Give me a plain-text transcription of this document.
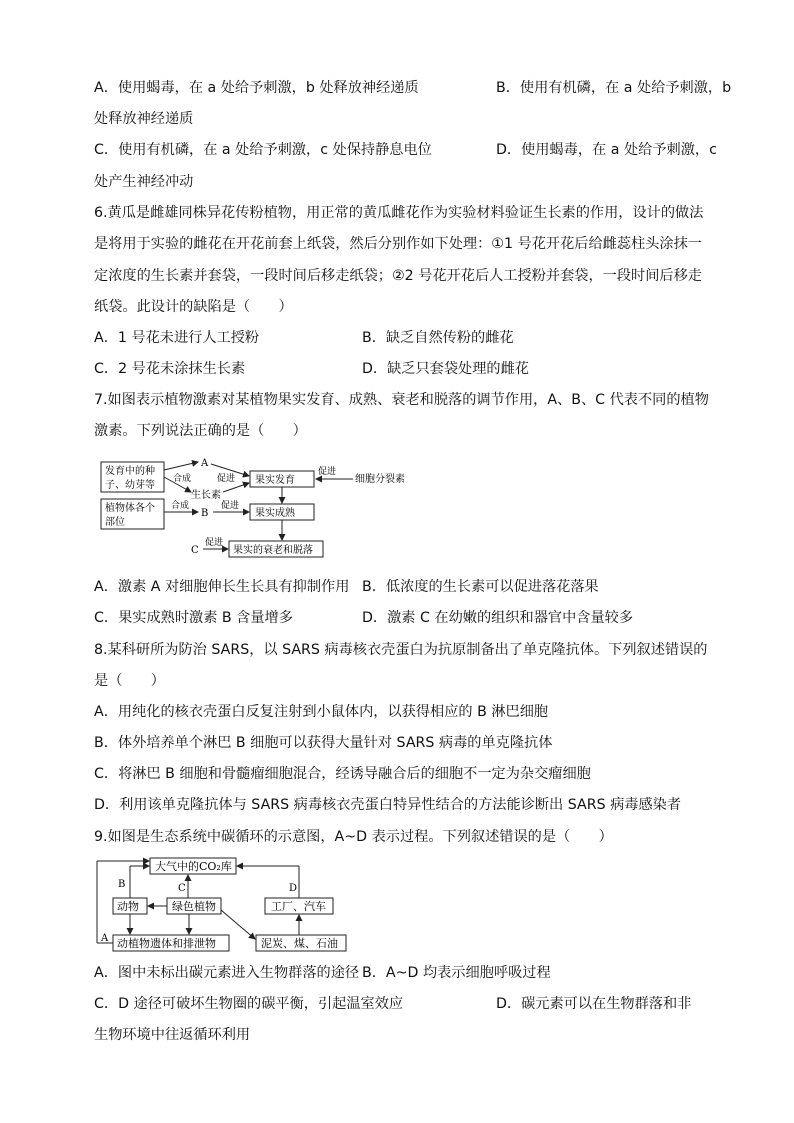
A．使用蝎毒，在 a 处给予刺激，b 处释放神经递质	B．使用有机磷，在 a 处给予刺激，b
处释放神经递质
C．使用有机磷，在 a 处给予刺激，c 处保持静息电位	D．使用蝎毒，在 a 处给予刺激，c
处产生神经冲动
6.黄瓜是雌雄同株异花传粉植物，用正常的黄瓜雌花作为实验材料验证生长素的作用，设计的做法
是将用于实验的雌花在开花前套上纸袋，然后分别作如下处理：①1 号花开花后给雌蕊柱头涂抹一
定浓度的生长素并套袋，一段时间后移走纸袋；②2 号花开花后人工授粉并套袋，一段时间后移走
纸袋。此设计的缺陷是（　　）
A．1 号花未进行人工授粉	B．缺乏自然传粉的雌花
C．2 号花未涂抹生长素	D．缺乏只套袋处理的雌花
7.如图表示植物激素对某植物果实发育、成熟、衰老和脱落的调节作用，A、B、C 代表不同的植物
激素。下列说法正确的是（　　）
发育中的种
子、幼芽等
植物体各个
部位
A
生长素
合成	果实发育
促进
促进
细胞分裂素
合成
B
促进
果实成熟
果实的衰老和脱落
C
促进
A．激素 A 对细胞伸长生长具有抑制作用 B．低浓度的生长素可以促进落花落果
C．果实成熟时激素 B 含量增多	D．激素 C 在幼嫩的组织和器官中含量较多
8.某科研所为防治 SARS，以 SARS 病毒核衣壳蛋白为抗原制备出了单克隆抗体。下列叙述错误的
是（　　）
A．用纯化的核衣壳蛋白反复注射到小鼠体内，以获得相应的 B 淋巴细胞
B．体外培养单个淋巴 B 细胞可以获得大量针对 SARS 病毒的单克隆抗体
C．将淋巴 B 细胞和骨髓瘤细胞混合，经诱导融合后的细胞不一定为杂交瘤细胞
D．利用该单克隆抗体与 SARS 病毒核衣壳蛋白特异性结合的方法能诊断出 SARS 病毒感染者
9.如图是生态系统中碳循环的示意图，A~D 表示过程。下列叙述错误的是（　　）
大气中的CO₂库
动物	绿色植物	工厂、汽车
动植物遗体和排泄物	泥炭、煤、石油
B	C	D
A
A．图中未标出碳元素进入生物群落的途径 B．A~D 均表示细胞呼吸过程
C．D 途径可破坏生物圈的碳平衡，引起温室效应	D．碳元素可以在生物群落和非
生物环境中往返循环利用
